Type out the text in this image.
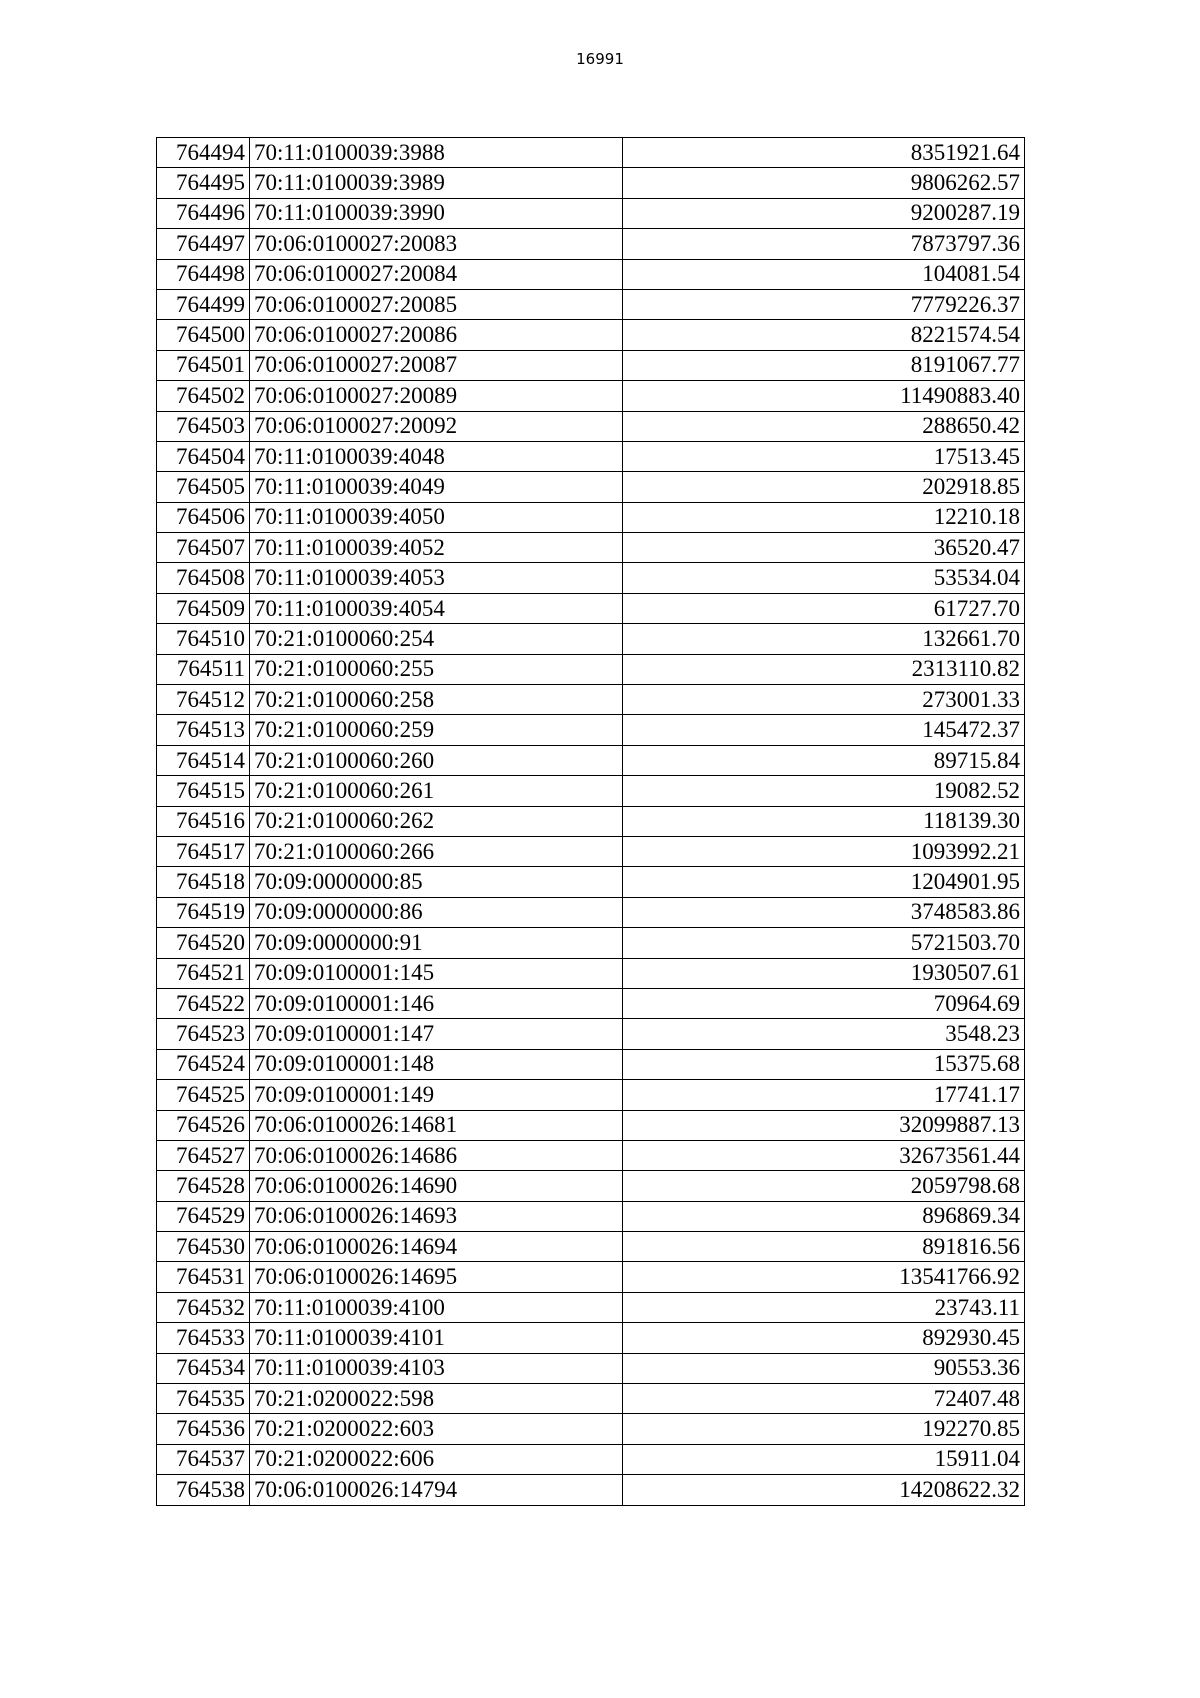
16991
764494	70:11:0100039:3988	8351921.64
764495	70:11:0100039:3989	9806262.57
764496	70:11:0100039:3990	9200287.19
764497	70:06:0100027:20083	7873797.36
764498	70:06:0100027:20084	104081.54
764499	70:06:0100027:20085	7779226.37
764500	70:06:0100027:20086	8221574.54
764501	70:06:0100027:20087	8191067.77
764502	70:06:0100027:20089	11490883.40
764503	70:06:0100027:20092	288650.42
764504	70:11:0100039:4048	17513.45
764505	70:11:0100039:4049	202918.85
764506	70:11:0100039:4050	12210.18
764507	70:11:0100039:4052	36520.47
764508	70:11:0100039:4053	53534.04
764509	70:11:0100039:4054	61727.70
764510	70:21:0100060:254	132661.70
764511	70:21:0100060:255	2313110.82
764512	70:21:0100060:258	273001.33
764513	70:21:0100060:259	145472.37
764514	70:21:0100060:260	89715.84
764515	70:21:0100060:261	19082.52
764516	70:21:0100060:262	118139.30
764517	70:21:0100060:266	1093992.21
764518	70:09:0000000:85	1204901.95
764519	70:09:0000000:86	3748583.86
764520	70:09:0000000:91	5721503.70
764521	70:09:0100001:145	1930507.61
764522	70:09:0100001:146	70964.69
764523	70:09:0100001:147	3548.23
764524	70:09:0100001:148	15375.68
764525	70:09:0100001:149	17741.17
764526	70:06:0100026:14681	32099887.13
764527	70:06:0100026:14686	32673561.44
764528	70:06:0100026:14690	2059798.68
764529	70:06:0100026:14693	896869.34
764530	70:06:0100026:14694	891816.56
764531	70:06:0100026:14695	13541766.92
764532	70:11:0100039:4100	23743.11
764533	70:11:0100039:4101	892930.45
764534	70:11:0100039:4103	90553.36
764535	70:21:0200022:598	72407.48
764536	70:21:0200022:603	192270.85
764537	70:21:0200022:606	15911.04
764538	70:06:0100026:14794	14208622.32
